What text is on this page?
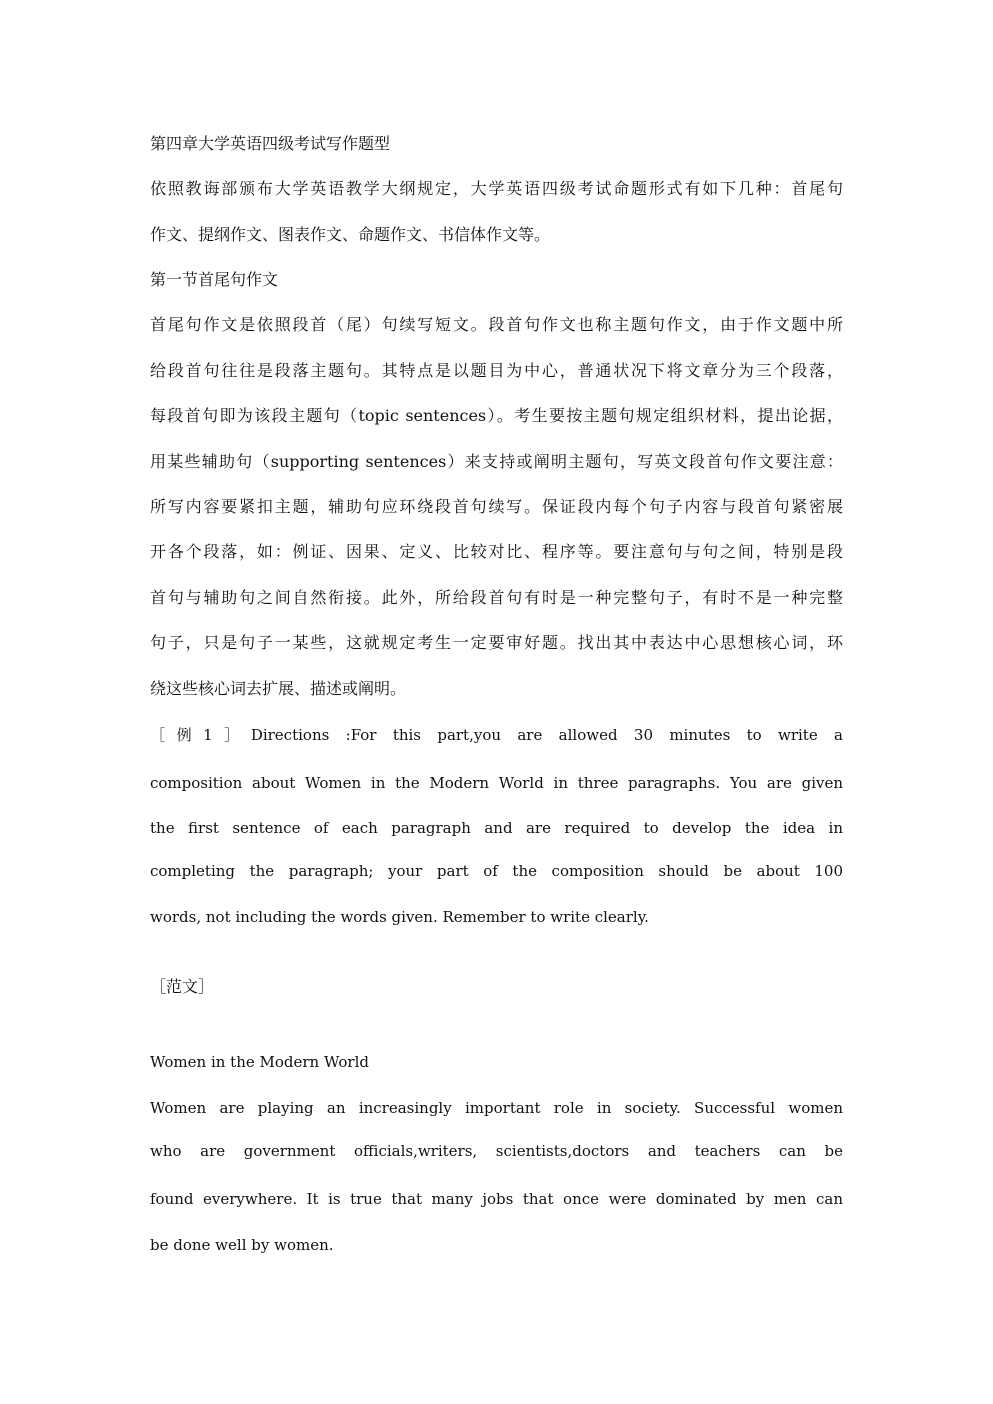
第四章大学英语四级考试写作题型
依照教诲部颁布大学英语教学大纲规定，大学英语四级考试命题形式有如下几种：首尾句
作文、提纲作文、图表作文、命题作文、书信体作文等。
第一节首尾句作文
首尾句作文是依照段首（尾）句续写短文。段首句作文也称主题句作文，由于作文题中所
给段首句往往是段落主题句。其特点是以题目为中心，普通状况下将文章分为三个段落，
每段首句即为该段主题句（topic sentences）。考生要按主题句规定组织材料，提出论据，
用某些辅助句（supporting sentences）来支持或阐明主题句，写英文段首句作文要注意：
所写内容要紧扣主题，辅助句应环绕段首句续写。保证段内每个句子内容与段首句紧密展
开各个段落，如：例证、因果、定义、比较对比、程序等。要注意句与句之间，特别是段
首句与辅助句之间自然衔接。此外，所给段首句有时是一种完整句子，有时不是一种完整
句子，只是句子一某些，这就规定考生一定要审好题。找出其中表达中心思想核心词，环
绕这些核心词去扩展、描述或阐明。
［例1］Directions :For this part,you are allowed 30 minutes to write a
composition about Women in the Modern World in three paragraphs. You are given
the first sentence of each paragraph and are required to develop the idea in
completing the paragraph; your part of the composition should be about 100
words, not including the words given. Remember to write clearly.
［范文］
Women in the Modern World
Women are playing an increasingly important role in society. Successful women
who are government officials,writers, scientists,doctors and teachers can be
found everywhere. It is true that many jobs that once were dominated by men can
be done well by women.
